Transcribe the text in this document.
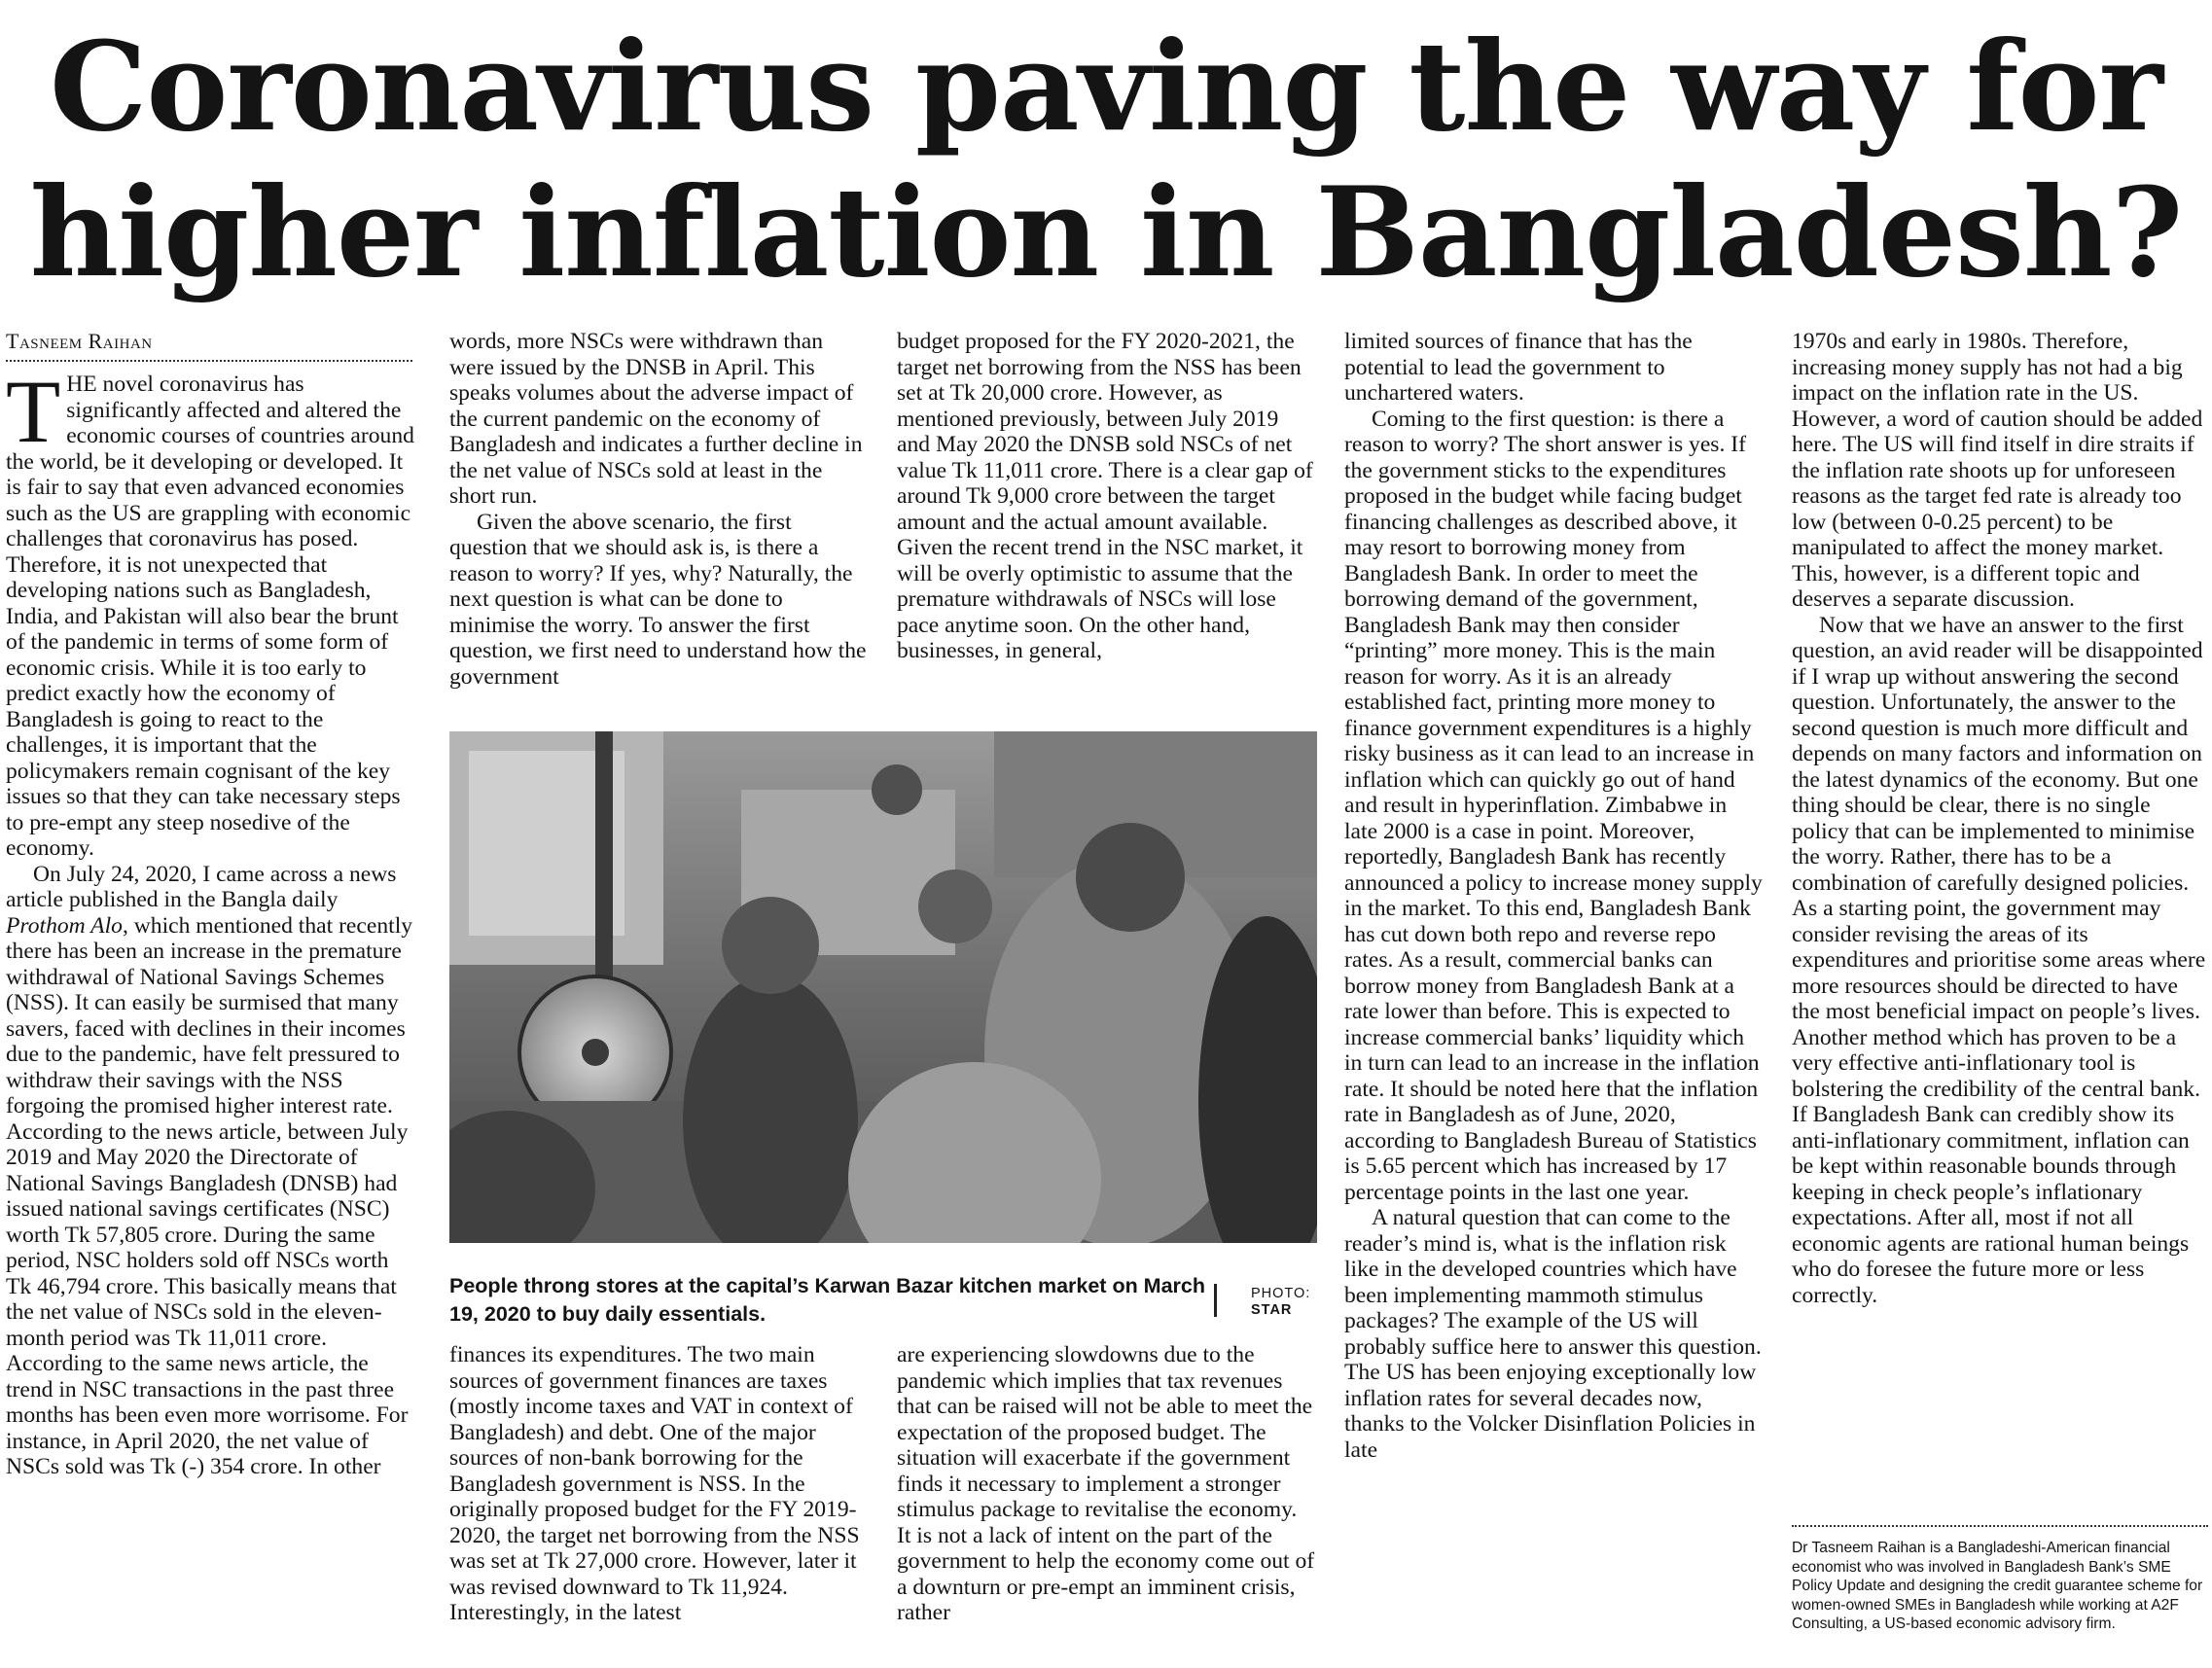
Coronavirus paving the way for
higher inflation in Bangladesh?
Tasneem Raihan

THE novel coronavirus has significantly affected and altered the economic courses of countries around the world, be it developing or developed. It is fair to say that even advanced economies such as the US are grappling with economic challenges that coronavirus has posed. Therefore, it is not unexpected that developing nations such as Bangladesh, India, and Pakistan will also bear the brunt of the pandemic in terms of some form of economic crisis. While it is too early to predict exactly how the economy of Bangladesh is going to react to the challenges, it is important that the policymakers remain cognisant of the key issues so that they can take necessary steps to pre-empt any steep nosedive of the economy.

On July 24, 2020, I came across a news article published in the Bangla daily Prothom Alo, which mentioned that recently there has been an increase in the premature withdrawal of National Savings Schemes (NSS). It can easily be surmised that many savers, faced with declines in their incomes due to the pandemic, have felt pressured to withdraw their savings with the NSS forgoing the promised higher interest rate. According to the news article, between July 2019 and May 2020 the Directorate of National Savings Bangladesh (DNSB) had issued national savings certificates (NSC) worth Tk 57,805 crore. During the same period, NSC holders sold off NSCs worth Tk 46,794 crore. This basically means that the net value of NSCs sold in the eleven-month period was Tk 11,011 crore. According to the same news article, the trend in NSC transactions in the past three months has been even more worrisome. For instance, in April 2020, the net value of NSCs sold was Tk (-) 354 crore. In other

words, more NSCs were withdrawn than were issued by the DNSB in April. This speaks volumes about the adverse impact of the current pandemic on the economy of Bangladesh and indicates a further decline in the net value of NSCs sold at least in the short run.

Given the above scenario, the first question that we should ask is, is there a reason to worry? If yes, why? Naturally, the next question is what can be done to minimise the worry. To answer the first question, we first need to understand how the government

budget proposed for the FY 2020-2021, the target net borrowing from the NSS has been set at Tk 20,000 crore. However, as mentioned previously, between July 2019 and May 2020 the DNSB sold NSCs of net value Tk 11,011 crore. There is a clear gap of around Tk 9,000 crore between the target amount and the actual amount available. Given the recent trend in the NSC market, it will be overly optimistic to assume that the premature withdrawals of NSCs will lose pace anytime soon. On the other hand, businesses, in general,

People throng stores at the capital’s Karwan Bazar kitchen market on March 19, 2020 to buy daily essentials.
PHOTO:
STAR

finances its expenditures. The two main sources of government finances are taxes (mostly income taxes and VAT in context of Bangladesh) and debt. One of the major sources of non-bank borrowing for the Bangladesh government is NSS. In the originally proposed budget for the FY 2019-2020, the target net borrowing from the NSS was set at Tk 27,000 crore. However, later it was revised downward to Tk 11,924. Interestingly, in the latest

are experiencing slowdowns due to the pandemic which implies that tax revenues that can be raised will not be able to meet the expectation of the proposed budget. The situation will exacerbate if the government finds it necessary to implement a stronger stimulus package to revitalise the economy. It is not a lack of intent on the part of the government to help the economy come out of a downturn or pre-empt an imminent crisis, rather

limited sources of finance that has the potential to lead the government to unchartered waters.

Coming to the first question: is there a reason to worry? The short answer is yes. If the government sticks to the expenditures proposed in the budget while facing budget financing challenges as described above, it may resort to borrowing money from Bangladesh Bank. In order to meet the borrowing demand of the government, Bangladesh Bank may then consider “printing” more money. This is the main reason for worry. As it is an already established fact, printing more money to finance government expenditures is a highly risky business as it can lead to an increase in inflation which can quickly go out of hand and result in hyperinflation. Zimbabwe in late 2000 is a case in point. Moreover, reportedly, Bangladesh Bank has recently announced a policy to increase money supply in the market. To this end, Bangladesh Bank has cut down both repo and reverse repo rates. As a result, commercial banks can borrow money from Bangladesh Bank at a rate lower than before. This is expected to increase commercial banks’ liquidity which in turn can lead to an increase in the inflation rate. It should be noted here that the inflation rate in Bangladesh as of June, 2020, according to Bangladesh Bureau of Statistics is 5.65 percent which has increased by 17 percentage points in the last one year.

A natural question that can come to the reader’s mind is, what is the inflation risk like in the developed countries which have been implementing mammoth stimulus packages? The example of the US will probably suffice here to answer this question. The US has been enjoying exceptionally low inflation rates for several decades now, thanks to the Volcker Disinflation Policies in late

1970s and early in 1980s. Therefore, increasing money supply has not had a big impact on the inflation rate in the US. However, a word of caution should be added here. The US will find itself in dire straits if the inflation rate shoots up for unforeseen reasons as the target fed rate is already too low (between 0-0.25 percent) to be manipulated to affect the money market. This, however, is a different topic and deserves a separate discussion.

Now that we have an answer to the first question, an avid reader will be disappointed if I wrap up without answering the second question. Unfortunately, the answer to the second question is much more difficult and depends on many factors and information on the latest dynamics of the economy. But one thing should be clear, there is no single policy that can be implemented to minimise the worry. Rather, there has to be a combination of carefully designed policies. As a starting point, the government may consider revising the areas of its expenditures and prioritise some areas where more resources should be directed to have the most beneficial impact on people’s lives. Another method which has proven to be a very effective anti-inflationary tool is bolstering the credibility of the central bank. If Bangladesh Bank can credibly show its anti-inflationary commitment, inflation can be kept within reasonable bounds through keeping in check people’s inflationary expectations. After all, most if not all economic agents are rational human beings who do foresee the future more or less correctly.

Dr Tasneem Raihan is a Bangladeshi-American financial economist who was involved in Bangladesh Bank’s SME Policy Update and designing the credit guarantee scheme for women-owned SMEs in Bangladesh while working at A2F Consulting, a US-based economic advisory firm.
